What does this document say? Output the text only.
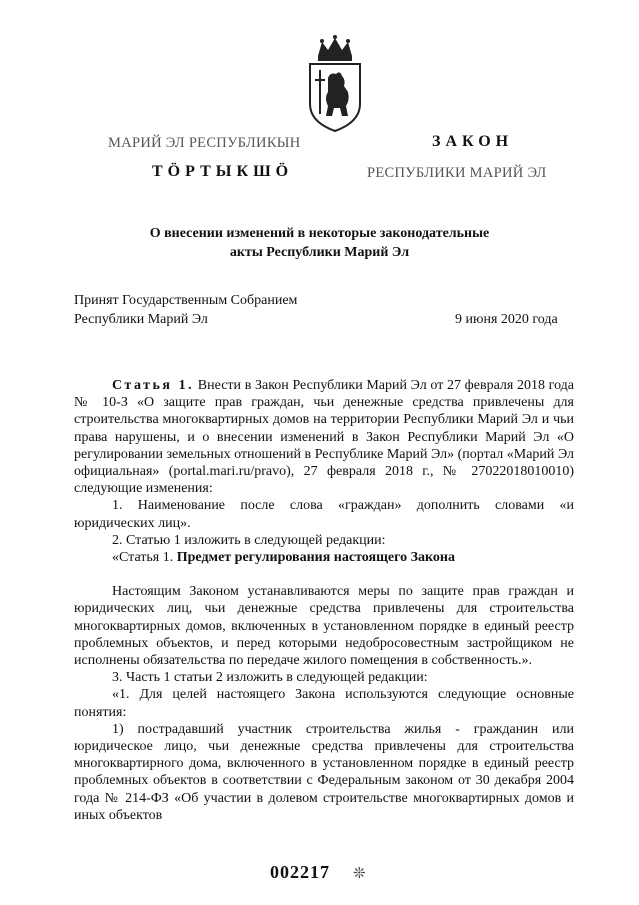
МАРИЙ ЭЛ РЕСПУБЛИКЫН	ЗАКОН
ТӦРТЫКШӦ	РЕСПУБЛИКИ МАРИЙ ЭЛ
О внесении изменений в некоторые законодательные
акты Республики Марий Эл
Принят Государственным Собранием
Республики Марий Эл	9 июня 2020 года

Статья 1. Внести в Закон Республики Марий Эл от 27 февраля 2018 года № 10-З «О защите прав граждан, чьи денежные средства привлечены для строительства многоквартирных домов на территории Республики Марий Эл и чьи права нарушены, и о внесении изменений в Закон Республики Марий Эл «О регулировании земельных отношений в Республике Марий Эл» (портал «Марий Эл официальная» (portal.mari.ru/pravo), 27 февраля 2018 г., № 27022018010010) следующие изменения:

1. Наименование после слова «граждан» дополнить словами «и юридических лиц».

2. Статью 1 изложить в следующей редакции:

«Статья 1. Предмет регулирования настоящего Закона

Настоящим Законом устанавливаются меры по защите прав граждан и юридических лиц, чьи денежные средства привлечены для строительства многоквартирных домов, включенных в установленном порядке в единый реестр проблемных объектов, и перед которыми недобросовестным застройщиком не исполнены обязательства по передаче жилого помещения в собственность.».

3. Часть 1 статьи 2 изложить в следующей редакции:

«1. Для целей настоящего Закона используются следующие основные понятия:

1) пострадавший участник строительства жилья - гражданин или юридическое лицо, чьи денежные средства привлечены для строительства многоквартирного дома, включенного в установленном порядке в единый реестр проблемных объектов в соответствии с Федеральным законом от 30 декабря 2004 года № 214-ФЗ «Об участии в долевом строительстве многоквартирных домов и иных объектов

002217 ❊
